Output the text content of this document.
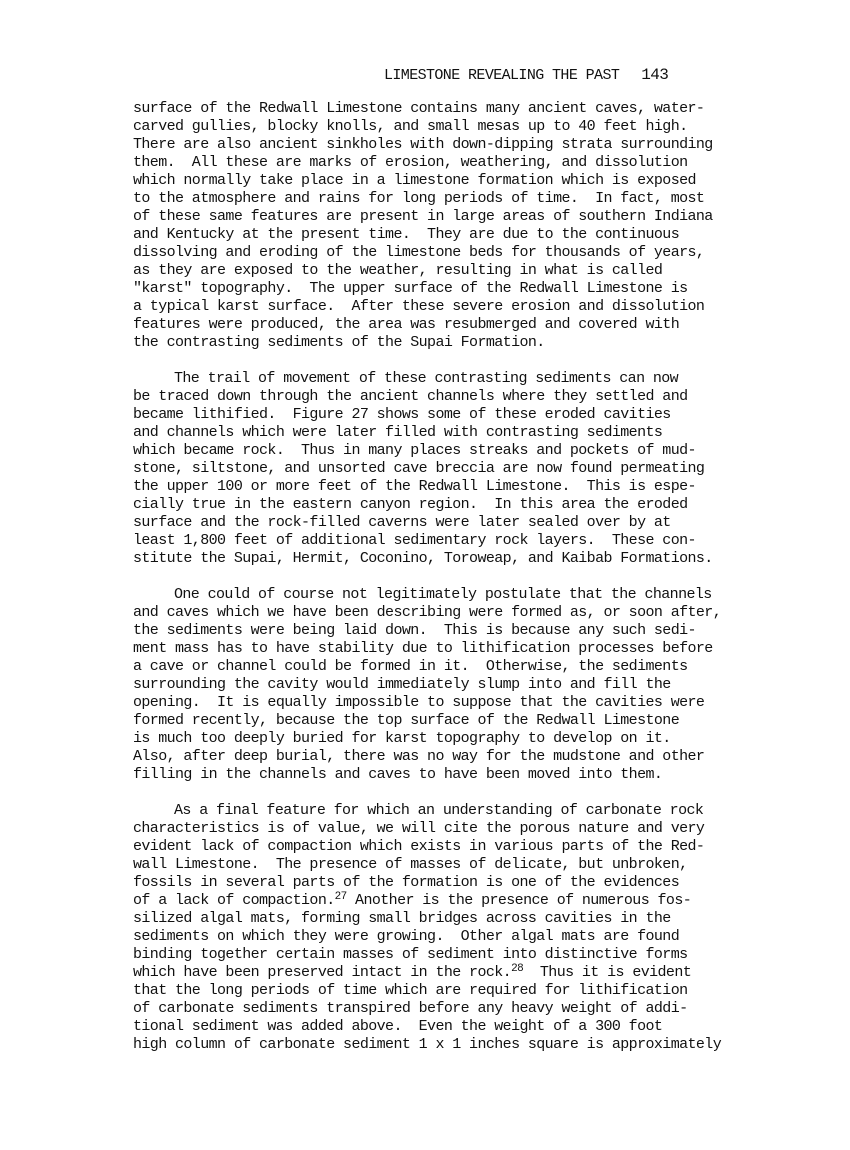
LIMESTONE REVEALING THE PAST 143
surface of the Redwall Limestone contains many ancient caves, water-
carved gullies, blocky knolls, and small mesas up to 40 feet high.
There are also ancient sinkholes with down-dipping strata surrounding
them.  All these are marks of erosion, weathering, and dissolution
which normally take place in a limestone formation which is exposed
to the atmosphere and rains for long periods of time.  In fact, most
of these same features are present in large areas of southern Indiana
and Kentucky at the present time.  They are due to the continuous
dissolving and eroding of the limestone beds for thousands of years,
as they are exposed to the weather, resulting in what is called
"karst" topography.  The upper surface of the Redwall Limestone is
a typical karst surface.  After these severe erosion and dissolution
features were produced, the area was resubmerged and covered with
the contrasting sediments of the Supai Formation.
The trail of movement of these contrasting sediments can now
be traced down through the ancient channels where they settled and
became lithified.  Figure 27 shows some of these eroded cavities
and channels which were later filled with contrasting sediments
which became rock.  Thus in many places streaks and pockets of mud-
stone, siltstone, and unsorted cave breccia are now found permeating
the upper 100 or more feet of the Redwall Limestone.  This is espe-
cially true in the eastern canyon region.  In this area the eroded
surface and the rock-filled caverns were later sealed over by at
least 1,800 feet of additional sedimentary rock layers.  These con-
stitute the Supai, Hermit, Coconino, Toroweap, and Kaibab Formations.
One could of course not legitimately postulate that the channels
and caves which we have been describing were formed as, or soon after,
the sediments were being laid down.  This is because any such sedi-
ment mass has to have stability due to lithification processes before
a cave or channel could be formed in it.  Otherwise, the sediments
surrounding the cavity would immediately slump into and fill the
opening.  It is equally impossible to suppose that the cavities were
formed recently, because the top surface of the Redwall Limestone
is much too deeply buried for karst topography to develop on it.
Also, after deep burial, there was no way for the mudstone and other
filling in the channels and caves to have been moved into them.
As a final feature for which an understanding of carbonate rock
characteristics is of value, we will cite the porous nature and very
evident lack of compaction which exists in various parts of the Red-
wall Limestone.  The presence of masses of delicate, but unbroken,
fossils in several parts of the formation is one of the evidences
of a lack of compaction.$^{27}$ Another is the presence of numerous fos-
silized algal mats, forming small bridges across cavities in the
sediments on which they were growing.  Other algal mats are found
binding together certain masses of sediment into distinctive forms
which have been preserved intact in the rock.$^{28}$  Thus it is evident
that the long periods of time which are required for lithification
of carbonate sediments transpired before any heavy weight of addi-
tional sediment was added above.  Even the weight of a 300 foot
high column of carbonate sediment 1 x 1 inches square is approximately
